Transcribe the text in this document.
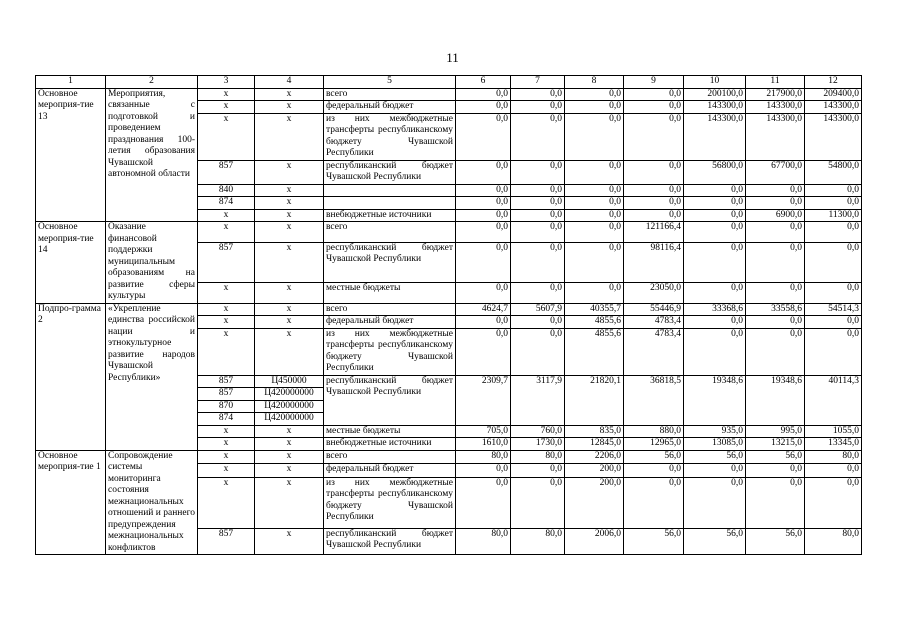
11
1	2	3	4	5	6	7	8	9	10	11	12
Основное мероприя-тие 13	Мероприятия, связанные с подготовкой и проведением празднования 100-летия образования Чувашской автономной области	x	x	всего	0,0	0,0	0,0	0,0	200100,0	217900,0	209400,0
		x	x	федеральный бюджет	0,0	0,0	0,0	0,0	143300,0	143300,0	143300,0
		x	x	из них межбюджетные трансферты республиканскому бюджету Чувашской Республики	0,0	0,0	0,0	0,0	143300,0	143300,0	143300,0
		857	x	республиканский бюджет Чувашской Республики	0,0	0,0	0,0	0,0	56800,0	67700,0	54800,0
		840	x		0,0	0,0	0,0	0,0	0,0	0,0	0,0
		874	x		0,0	0,0	0,0	0,0	0,0	0,0	0,0
		x	x	внебюджетные источники	0,0	0,0	0,0	0,0	0,0	6900,0	11300,0
Основное мероприя-тие 14	Оказание финансовой поддержки муниципальным образованиям на развитие сферы культуры	x	x	всего	0,0	0,0	0,0	121166,4	0,0	0,0	0,0
		857	x	республиканский бюджет Чувашской Республики	0,0	0,0	0,0	98116,4	0,0	0,0	0,0
		x	x	местные бюджеты	0,0	0,0	0,0	23050,0	0,0	0,0	0,0
Подпро-грамма 2	«Укрепление единства российской нации и этнокультурное развитие народов Чувашской Республики»	x	x	всего	4624,7	5607,9	40355,7	55446,9	33368,6	33558,6	54514,3
		x	x	федеральный бюджет	0,0	0,0	4855,6	4783,4	0,0	0,0	0,0
		x	x	из них межбюджетные трансферты республиканскому бюджету Чувашской Республики	0,0	0,0	4855,6	4783,4	0,0	0,0	0,0
		857	Ц450000	республиканский бюджет Чувашской Республики	2309,7	3117,9	21820,1	36818,5	19348,6	19348,6	40114,3
		857	Ц420000000								
		870	Ц420000000								
		874	Ц420000000								
		x	x	местные бюджеты	705,0	760,0	835,0	880,0	935,0	995,0	1055,0
		x	x	внебюджетные источники	1610,0	1730,0	12845,0	12965,0	13085,0	13215,0	13345,0
Основное мероприя-тие 1	Сопровождение системы мониторинга состояния межнациональных отношений и раннего предупреждения межнациональных конфликтов	x	x	всего	80,0	80,0	2206,0	56,0	56,0	56,0	80,0
		x	x	федеральный бюджет	0,0	0,0	200,0	0,0	0,0	0,0	0,0
		x	x	из них межбюджетные трансферты республиканскому бюджету Чувашской Республики	0,0	0,0	200,0	0,0	0,0	0,0	0,0
		857	x	республиканский бюджет Чувашской Республики	80,0	80,0	2006,0	56,0	56,0	56,0	80,0
